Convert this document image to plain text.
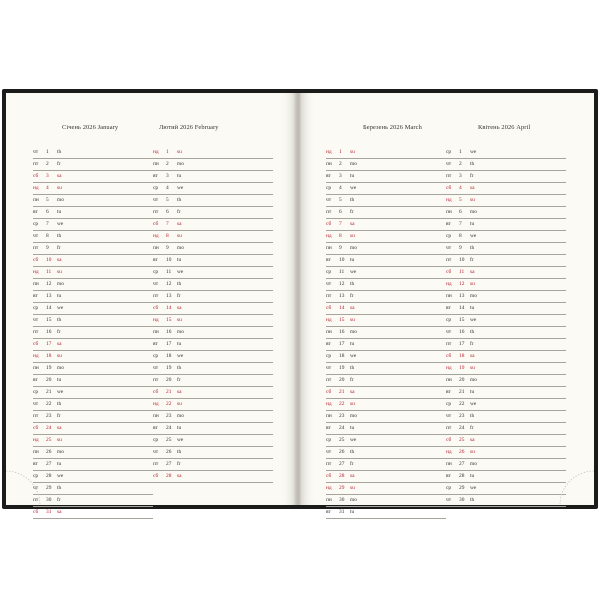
Січень 2026 January	Лютий 2026 February
чт 1 th
пт 2 fr
сб 3 sa
нд 4 su
пн 5 mo
вт 6 tu
ср 7 we
чт 8 th
пт 9 fr
сб 10 sa
нд 11 su
пн 12 mo
вт 13 tu
ср 14 we
чт 15 th
пт 16 fr
сб 17 sa
нд 18 su
пн 19 mo
вт 20 tu
ср 21 we
чт 22 th
пт 23 fr
сб 24 sa
нд 25 su
пн 26 mo
вт 27 tu
ср 28 we
чт 29 th
пт 30 fr
сб 31 sa
нд 1 su
пн 2 mo
вт 3 tu
ср 4 we
чт 5 th
пт 6 fr
сб 7 sa
нд 8 su
пн 9 mo
вт 10 tu
ср 11 we
чт 12 th
пт 13 fr
сб 14 sa
нд 15 su
пн 16 mo
вт 17 tu
ср 18 we
чт 19 th
пт 20 fr
сб 21 sa
нд 22 su
пн 23 mo
вт 24 tu
ср 25 we
чт 26 th
пт 27 fr
сб 28 sa
Березень 2026 March	Квітень 2026 April
нд 1 su
пн 2 mo
вт 3 tu
ср 4 we
чт 5 th
пт 6 fr
сб 7 sa
нд 8 su
пн 9 mo
вт 10 tu
ср 11 we
чт 12 th
пт 13 fr
сб 14 sa
нд 15 su
пн 16 mo
вт 17 tu
ср 18 we
чт 19 th
пт 20 fr
сб 21 sa
нд 22 su
пн 23 mo
вт 24 tu
ср 25 we
чт 26 th
пт 27 fr
сб 28 sa
нд 29 su
пн 30 mo
вт 31 tu
ср 1 we
чт 2 th
пт 3 fr
сб 4 sa
нд 5 su
пн 6 mo
вт 7 tu
ср 8 we
чт 9 th
пт 10 fr
сб 11 sa
нд 12 su
пн 13 mo
вт 14 tu
ср 15 we
чт 16 th
пт 17 fr
сб 18 sa
нд 19 su
пн 20 mo
вт 21 tu
ср 22 we
чт 23 th
пт 24 fr
сб 25 sa
нд 26 su
пн 27 mo
вт 28 tu
ср 29 we
чт 30 th
